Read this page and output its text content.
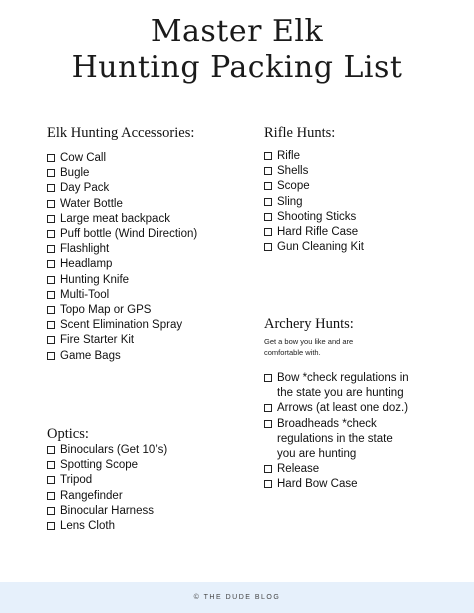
Master Elk
Hunting Packing List
Elk Hunting Accessories:
Cow Call
Bugle
Day Pack
Water Bottle
Large meat backpack
Puff bottle (Wind Direction)
Flashlight
Headlamp
Hunting Knife
Multi-Tool
Topo Map or GPS
Scent Elimination Spray
Fire Starter Kit
Game Bags
Optics:
Binoculars (Get 10’s)
Spotting Scope
Tripod
Rangefinder
Binocular Harness
Lens Cloth
Rifle Hunts:
Rifle
Shells
Scope
Sling
Shooting Sticks
Hard Rifle Case
Gun Cleaning Kit
Archery Hunts:
Get a bow you like and are comfortable with.
Bow *check regulations in the state you are hunting
Arrows (at least one doz.)
Broadheads *check regulations in the state you are hunting
Release
Hard Bow Case
© THE DUDE BLOG
